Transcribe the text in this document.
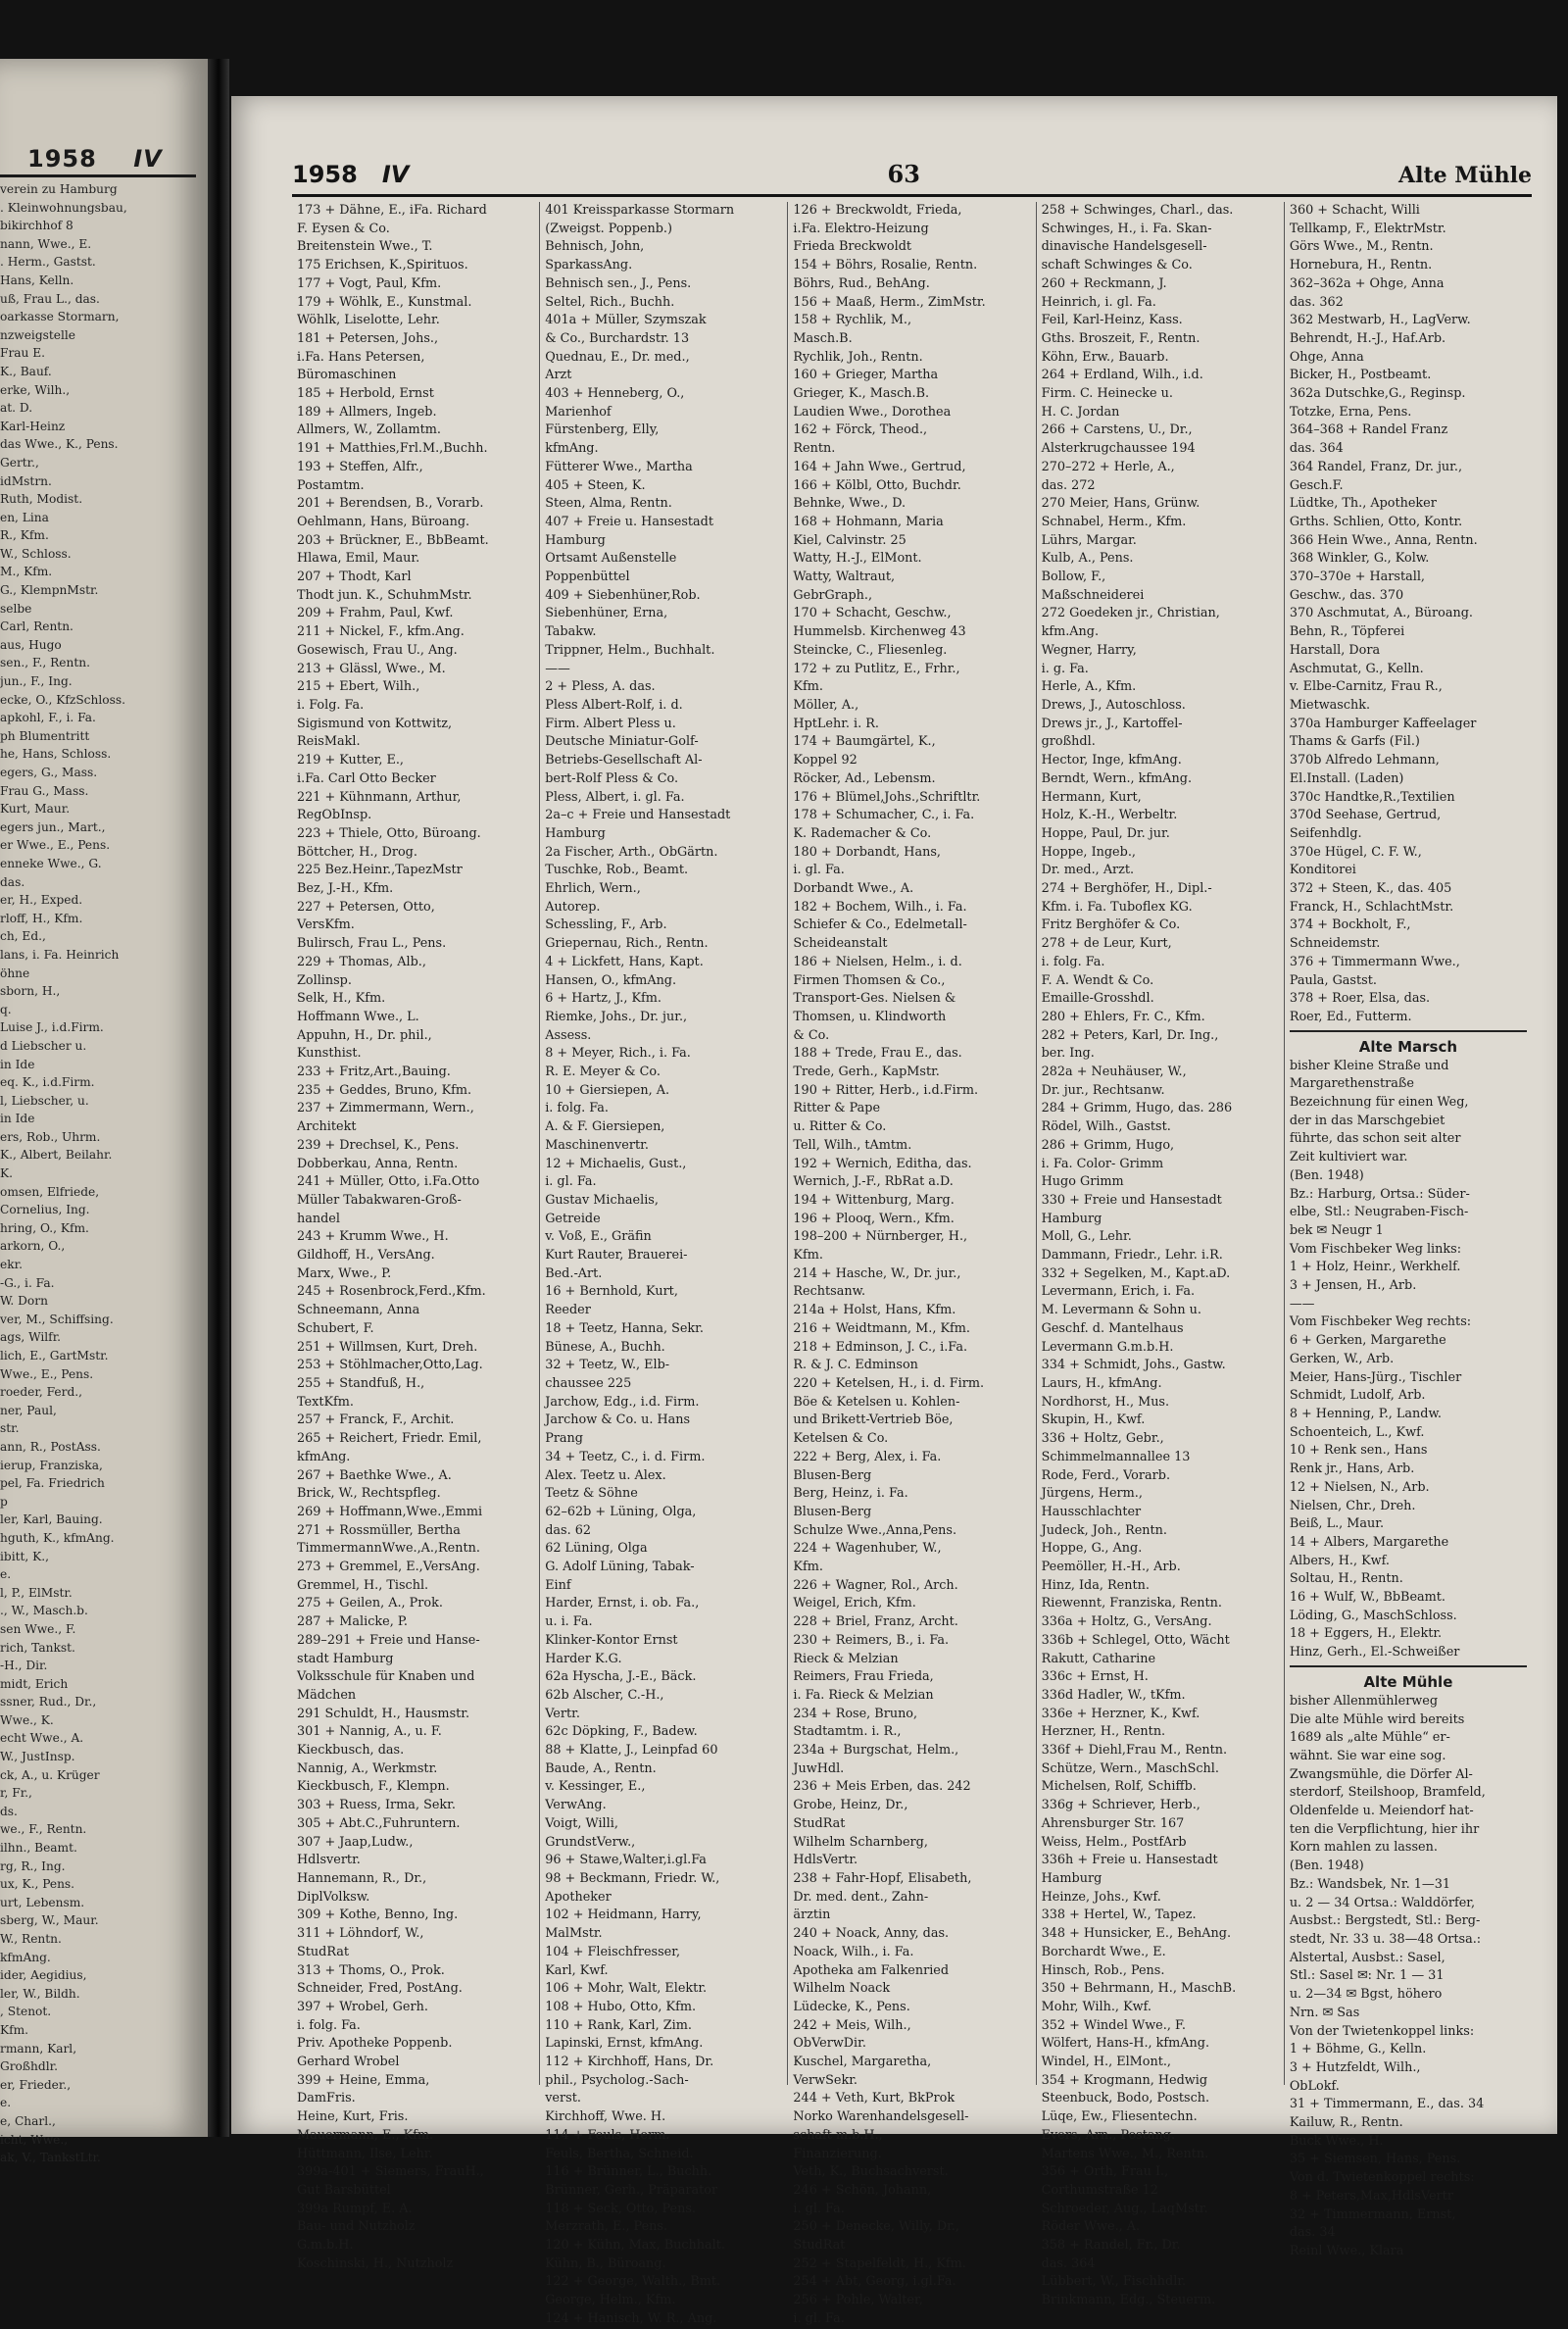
1958 IV
verein zu Hamburg
. Kleinwohnungsbau,
bikirchhof 8
nann, Wwe., E.
. Herm., Gastst.
Hans, Kelln.
uß, Frau L., das.
oarkasse Stormarn,
nzweigstelle
Frau E.
K., Bauf.
erke, Wilh.,
at. D.
Karl-Heinz
das Wwe., K., Pens.
Gertr.,
idMstrn.
Ruth, Modist.
en, Lina
R., Kfm.
W., Schloss.
M., Kfm.
G., KlempnMstr.
selbe
Carl, Rentn.
aus, Hugo
sen., F., Rentn.
jun., F., Ing.
ecke, O., KfzSchloss.
apkohl, F., i. Fa.
ph Blumentritt
he, Hans, Schloss.
egers, G., Mass.
Frau G., Mass.
Kurt, Maur.
egers jun., Mart.,
er Wwe., E., Pens.
enneke Wwe., G.
das.
er, H., Exped.
rloff, H., Kfm.
ch, Ed.,
lans, i. Fa. Heinrich
öhne
sborn, H.,
q.
Luise J., i.d.Firm.
d Liebscher u.
in Ide
eq. K., i.d.Firm.
l, Liebscher, u.
in Ide
ers, Rob., Uhrm.
K., Albert, Beilahr.
K.
omsen, Elfriede,
Cornelius, Ing.
hring, O., Kfm.
arkorn, O.,
ekr.
-G., i. Fa.
W. Dorn
ver, M., Schiffsing.
ags, Wilfr.
lich, E., GartMstr.
Wwe., E., Pens.
roeder, Ferd.,
ner, Paul,
str.
ann, R., PostAss.
ierup, Franziska,
pel, Fa. Friedrich
p
ler, Karl, Bauing.
hguth, K., kfmAng.
ibitt, K.,
e.
l, P., ElMstr.
., W., Masch.b.
sen Wwe., F.
rich, Tankst.
-H., Dir.
midt, Erich
ssner, Rud., Dr.,
Wwe., K.
echt Wwe., A.
W., JustInsp.
ck, A., u. Krüger
r, Fr.,
ds.
we., F., Rentn.
ilhn., Beamt.
rg, R., Ing.
ux, K., Pens.
urt, Lebensm.
sberg, W., Maur.
W., Rentn.
kfmAng.
ider, Aegidius,
ler, W., Bildh.
, Stenot.
Kfm.
rmann, Karl,
Großhdlr.
er, Frieder.,
e.
e, Charl.,
icht, Wwe.,
ak, V., TankstLtr.
1958 IV	63	Alte Mühle
173 + Dähne, E., iFa. Richard
F. Eysen & Co.
Breitenstein Wwe., T.
175 Erichsen, K.,Spirituos.
177 + Vogt, Paul, Kfm.
179 + Wöhlk, E., Kunstmal.
Wöhlk, Liselotte, Lehr.
181 + Petersen, Johs.,
i.Fa. Hans Petersen,
Büromaschinen
185 + Herbold, Ernst
189 + Allmers, Ingeb.
Allmers, W., Zollamtm.
191 + Matthies,Frl.M.,Buchh.
193 + Steffen, Alfr.,
Postamtm.
201 + Berendsen, B., Vorarb.
Oehlmann, Hans, Büroang.
203 + Brückner, E., BbBeamt.
Hlawa, Emil, Maur.
207 + Thodt, Karl
Thodt jun. K., SchuhmMstr.
209 + Frahm, Paul, Kwf.
211 + Nickel, F., kfm.Ang.
Gosewisch, Frau U., Ang.
213 + Glässl, Wwe., M.
215 + Ebert, Wilh.,
i. Folg. Fa.
Sigismund von Kottwitz,
ReisMakl.
219 + Kutter, E.,
i.Fa. Carl Otto Becker
221 + Kühnmann, Arthur,
RegObInsp.
223 + Thiele, Otto, Büroang.
Böttcher, H., Drog.
225 Bez.Heinr.,TapezMstr
Bez, J.-H., Kfm.
227 + Petersen, Otto,
VersKfm.
Bulirsch, Frau L., Pens.
229 + Thomas, Alb.,
Zollinsp.
Selk, H., Kfm.
Hoffmann Wwe., L.
Appuhn, H., Dr. phil.,
Kunsthist.
233 + Fritz,Art.,Bauing.
235 + Geddes, Bruno, Kfm.
237 + Zimmermann, Wern.,
Architekt
239 + Drechsel, K., Pens.
Dobberkau, Anna, Rentn.
241 + Müller, Otto, i.Fa.Otto
Müller Tabakwaren-Groß-
handel
243 + Krumm Wwe., H.
Gildhoff, H., VersAng.
Marx, Wwe., P.
245 + Rosenbrock,Ferd.,Kfm.
Schneemann, Anna
Schubert, F.
251 + Willmsen, Kurt, Dreh.
253 + Stöhlmacher,Otto,Lag.
255 + Standfuß, H.,
TextKfm.
257 + Franck, F., Archit.
265 + Reichert, Friedr. Emil,
kfmAng.
267 + Baethke Wwe., A.
Brick, W., Rechtspfleg.
269 + Hoffmann,Wwe.,Emmi
271 + Rossmüller, Bertha
TimmermannWwe.,A.,Rentn.
273 + Gremmel, E.,VersAng.
Gremmel, H., Tischl.
275 + Geilen, A., Prok.
287 + Malicke, P.
289–291 + Freie und Hanse-
stadt Hamburg
Volksschule für Knaben und
Mädchen
291 Schuldt, H., Hausmstr.
301 + Nannig, A., u. F.
Kieckbusch, das.
Nannig, A., Werkmstr.
Kieckbusch, F., Klempn.
303 + Ruess, Irma, Sekr.
305 + Abt.C.,Fuhruntern.
307 + Jaap,Ludw.,
Hdlsvertr.
Hannemann, R., Dr.,
DiplVolksw.
309 + Kothe, Benno, Ing.
311 + Löhndorf, W.,
StudRat
313 + Thoms, O., Prok.
Schneider, Fred, PostAng.
397 + Wrobel, Gerh.
i. folg. Fa.
Priv. Apotheke Poppenb.
Gerhard Wrobel
399 + Heine, Emma,
DamFris.
Heine, Kurt, Fris.
Mauermann, E., Kfm.
Hüttmann, Ilse, Lehr.
399a-401 + Siemers, FrauH.,
Gut Barsbüttel
399a Rumpf, E. A.
Bau- und Nutzholz
G.m.b.H.
Koschinski, H., Nutzholz
401 Kreissparkasse Stormarn
(Zweigst. Poppenb.)
Behnisch, John,
SparkassAng.
Behnisch sen., J., Pens.
Seltel, Rich., Buchh.
401a + Müller, Szymszak
& Co., Burchardstr. 13
Quednau, E., Dr. med.,
Arzt
403 + Henneberg, O.,
Marienhof
Fürstenberg, Elly,
kfmAng.
Fütterer Wwe., Martha
405 + Steen, K.
Steen, Alma, Rentn.
407 + Freie u. Hansestadt
Hamburg
Ortsamt Außenstelle
Poppenbüttel
409 + Siebenhüner,Rob.
Siebenhüner, Erna,
Tabakw.
Trippner, Helm., Buchhalt.
——
2 + Pless, A. das.
Pless Albert-Rolf, i. d.
Firm. Albert Pless u.
Deutsche Miniatur-Golf-
Betriebs-Gesellschaft Al-
bert-Rolf Pless & Co.
Pless, Albert, i. gl. Fa.
2a–c + Freie und Hansestadt
Hamburg
2a Fischer, Arth., ObGärtn.
Tuschke, Rob., Beamt.
Ehrlich, Wern.,
Autorep.
Schessling, F., Arb.
Griepernau, Rich., Rentn.
4 + Lickfett, Hans, Kapt.
Hansen, O., kfmAng.
6 + Hartz, J., Kfm.
Riemke, Johs., Dr. jur.,
Assess.
8 + Meyer, Rich., i. Fa.
R. E. Meyer & Co.
10 + Giersiepen, A.
i. folg. Fa.
A. & F. Giersiepen,
Maschinenvertr.
12 + Michaelis, Gust.,
i. gl. Fa.
Gustav Michaelis,
Getreide
v. Voß, E., Gräfin
Kurt Rauter, Brauerei-
Bed.-Art.
16 + Bernhold, Kurt,
Reeder
18 + Teetz, Hanna, Sekr.
Bünese, A., Buchh.
32 + Teetz, W., Elb-
chaussee 225
Jarchow, Edg., i.d. Firm.
Jarchow & Co. u. Hans
Prang
34 + Teetz, C., i. d. Firm.
Alex. Teetz u. Alex.
Teetz & Söhne
62–62b + Lüning, Olga,
das. 62
62 Lüning, Olga
G. Adolf Lüning, Tabak-
Einf
Harder, Ernst, i. ob. Fa.,
u. i. Fa.
Klinker-Kontor Ernst
Harder K.G.
62a Hyscha, J.-E., Bäck.
62b Alscher, C.-H.,
Vertr.
62c Döpking, F., Badew.
88 + Klatte, J., Leinpfad 60
Baude, A., Rentn.
v. Kessinger, E.,
VerwAng.
Voigt, Willi,
GrundstVerw.,
96 + Stawe,Walter,i.gl.Fa
98 + Beckmann, Friedr. W.,
Apotheker
102 + Heidmann, Harry,
MalMstr.
104 + Fleischfresser,
Karl, Kwf.
106 + Mohr, Walt, Elektr.
108 + Hubo, Otto, Kfm.
110 + Rank, Karl, Zim.
Lapinski, Ernst, kfmAng.
112 + Kirchhoff, Hans, Dr.
phil., Psycholog.-Sach-
verst.
Kirchhoff, Wwe. H.
114 + Feuls, Herm.
Feuls, Bertha, Schneid.
116 + Brünner, L., Buchh.
Brünner, Gerh., Präparator
118 + Seck, Otto, Pens.
Merzrath, E., Pens.
120 + Kühn, Max, Buchhalt.
Kühn, B., Büroang.
122 + George, Walth., Bmt.
George, Helm., Kfm.
124 + Hanisch, W. R., Ang.
126 + Breckwoldt, Frieda,
i.Fa. Elektro-Heizung
Frieda Breckwoldt
154 + Böhrs, Rosalie, Rentn.
Böhrs, Rud., BehAng.
156 + Maaß, Herm., ZimMstr.
158 + Rychlik, M.,
Masch.B.
Rychlik, Joh., Rentn.
160 + Grieger, Martha
Grieger, K., Masch.B.
Laudien Wwe., Dorothea
162 + Förck, Theod.,
Rentn.
164 + Jahn Wwe., Gertrud,
166 + Kölbl, Otto, Buchdr.
Behnke, Wwe., D.
168 + Hohmann, Maria
Kiel, Calvinstr. 25
Watty, H.-J., ElMont.
Watty, Waltraut,
GebrGraph.,
170 + Schacht, Geschw.,
Hummelsb. Kirchenweg 43
Steincke, C., Fliesenleg.
172 + zu Putlitz, E., Frhr.,
Kfm.
Möller, A.,
HptLehr. i. R.
174 + Baumgärtel, K.,
Koppel 92
Röcker, Ad., Lebensm.
176 + Blümel,Johs.,Schriftltr.
178 + Schumacher, C., i. Fa.
K. Rademacher & Co.
180 + Dorbandt, Hans,
i. gl. Fa.
Dorbandt Wwe., A.
182 + Bochem, Wilh., i. Fa.
Schiefer & Co., Edelmetall-
Scheideanstalt
186 + Nielsen, Helm., i. d.
Firmen Thomsen & Co.,
Transport-Ges. Nielsen &
Thomsen, u. Klindworth
& Co.
188 + Trede, Frau E., das.
Trede, Gerh., KapMstr.
190 + Ritter, Herb., i.d.Firm.
Ritter & Pape
u. Ritter & Co.
Tell, Wilh., tAmtm.
192 + Wernich, Editha, das.
Wernich, J.-F., RbRat a.D.
194 + Wittenburg, Marg.
196 + Plooq, Wern., Kfm.
198–200 + Nürnberger, H.,
Kfm.
214 + Hasche, W., Dr. jur.,
Rechtsanw.
214a + Holst, Hans, Kfm.
216 + Weidtmann, M., Kfm.
218 + Edminson, J. C., i.Fa.
R. & J. C. Edminson
220 + Ketelsen, H., i. d. Firm.
Böe & Ketelsen u. Kohlen-
und Brikett-Vertrieb Böe,
Ketelsen & Co.
222 + Berg, Alex, i. Fa.
Blusen-Berg
Berg, Heinz, i. Fa.
Blusen-Berg
Schulze Wwe.,Anna,Pens.
224 + Wagenhuber, W.,
Kfm.
226 + Wagner, Rol., Arch.
Weigel, Erich, Kfm.
228 + Briel, Franz, Archt.
230 + Reimers, B., i. Fa.
Rieck & Melzian
Reimers, Frau Frieda,
i. Fa. Rieck & Melzian
234 + Rose, Bruno,
Stadtamtm. i. R.,
234a + Burgschat, Helm.,
JuwHdl.
236 + Meis Erben, das. 242
Grobe, Heinz, Dr.,
StudRat
Wilhelm Scharnberg,
HdlsVertr.
238 + Fahr-Hopf, Elisabeth,
Dr. med. dent., Zahn-
ärztin
240 + Noack, Anny, das.
Noack, Wilh., i. Fa.
Apotheka am Falkenried
Wilhelm Noack
Lüdecke, K., Pens.
242 + Meis, Wilh.,
ObVerwDir.
Kuschel, Margaretha,
VerwSekr.
244 + Veth, Kurt, BkProk
Norko Warenhandelsgesell-
schaft m.b.H.,
Finanzierung.
Veth, K., Buchsachverst.
246 + Schön, Johann,
i. gl. Fa.
250 + Denecke, Willy, Dr.,
StudRat
252 + Stapelfeldt, H., Kfm.
254 + Abt, Georg, i.gl.Fa.
256 + Pohle, Walter,
i. gl. Fa.
258 + Schwinges, Charl., das.
Schwinges, H., i. Fa. Skan-
dinavische Handelsgesell-
schaft Schwinges & Co.
260 + Reckmann, J.
Heinrich, i. gl. Fa.
Feil, Karl-Heinz, Kass.
Gths. Broszeit, F., Rentn.
Köhn, Erw., Bauarb.
264 + Erdland, Wilh., i.d.
Firm. C. Heinecke u.
H. C. Jordan
266 + Carstens, U., Dr.,
Alsterkrugchaussee 194
270–272 + Herle, A.,
das. 272
270 Meier, Hans, Grünw.
Schnabel, Herm., Kfm.
Lührs, Margar.
Kulb, A., Pens.
Bollow, F.,
Maßschneiderei
272 Goedeken jr., Christian,
kfm.Ang.
Wegner, Harry,
i. g. Fa.
Herle, A., Kfm.
Drews, J., Autoschloss.
Drews jr., J., Kartoffel-
großhdl.
Hector, Inge, kfmAng.
Berndt, Wern., kfmAng.
Hermann, Kurt,
Holz, K.-H., Werbeltr.
Hoppe, Paul, Dr. jur.
Hoppe, Ingeb.,
Dr. med., Arzt.
274 + Berghöfer, H., Dipl.-
Kfm. i. Fa. Tuboflex KG.
Fritz Berghöfer & Co.
278 + de Leur, Kurt,
i. folg. Fa.
F. A. Wendt & Co.
Emaille-Grosshdl.
280 + Ehlers, Fr. C., Kfm.
282 + Peters, Karl, Dr. Ing.,
ber. Ing.
282a + Neuhäuser, W.,
Dr. jur., Rechtsanw.
284 + Grimm, Hugo, das. 286
Rödel, Wilh., Gastst.
286 + Grimm, Hugo,
i. Fa. Color- Grimm
Hugo Grimm
330 + Freie und Hansestadt
Hamburg
Moll, G., Lehr.
Dammann, Friedr., Lehr. i.R.
332 + Segelken, M., Kapt.aD.
Levermann, Erich, i. Fa.
M. Levermann & Sohn u.
Geschf. d. Mantelhaus
Levermann G.m.b.H.
334 + Schmidt, Johs., Gastw.
Laurs, H., kfmAng.
Nordhorst, H., Mus.
Skupin, H., Kwf.
336 + Holtz, Gebr.,
Schimmelmannallee 13
Rode, Ferd., Vorarb.
Jürgens, Herm.,
Hausschlachter
Judeck, Joh., Rentn.
Hoppe, G., Ang.
Peemöller, H.-H., Arb.
Hinz, Ida, Rentn.
Riewennt, Franziska, Rentn.
336a + Holtz, G., VersAng.
336b + Schlegel, Otto, Wächt
Rakutt, Catharine
336c + Ernst, H.
336d Hadler, W., tKfm.
336e + Herzner, K., Kwf.
Herzner, H., Rentn.
336f + Diehl,Frau M., Rentn.
Schütze, Wern., MaschSchl.
Michelsen, Rolf, Schiffb.
336g + Schriever, Herb.,
Ahrensburger Str. 167
Weiss, Helm., PostfArb
336h + Freie u. Hansestadt
Hamburg
Heinze, Johs., Kwf.
338 + Hertel, W., Tapez.
348 + Hunsicker, E., BehAng.
Borchardt Wwe., E.
Hinsch, Rob., Pens.
350 + Behrmann, H., MaschB.
Mohr, Wilh., Kwf.
352 + Windel Wwe., F.
Wölfert, Hans-H., kfmAng.
Windel, H., ElMont.,
354 + Krogmann, Hedwig
Steenbuck, Bodo, Postsch.
Lüqe, Ew., Fliesentechn.
Evers, Arn., Postang.
Martens Wwe., M., Rentn.
356 + Orth, Frau I.,
Corthumstraße 12
Schroeder, Aug., LaqMstr.
Röder Wwe., A.
358 + Randel, Fr., Dr.
das. 364
Lübbert, W., Fischhdlr.
Brinkmann, Edg., Steuerm.
360 + Schacht, Willi
Tellkamp, F., ElektrMstr.
Görs Wwe., M., Rentn.
Hornebura, H., Rentn.
362–362a + Ohge, Anna
das. 362
362 Mestwarb, H., LagVerw.
Behrendt, H.-J., Haf.Arb.
Ohge, Anna
Bicker, H., Postbeamt.
362a Dutschke,G., Reginsp.
Totzke, Erna, Pens.
364–368 + Randel Franz
das. 364
364 Randel, Franz, Dr. jur.,
Gesch.F.
Lüdtke, Th., Apotheker
Grths. Schlien, Otto, Kontr.
366 Hein Wwe., Anna, Rentn.
368 Winkler, G., Kolw.
370–370e + Harstall,
Geschw., das. 370
370 Aschmutat, A., Büroang.
Behn, R., Töpferei
Harstall, Dora
Aschmutat, G., Kelln.
v. Elbe-Carnitz, Frau R.,
Mietwaschk.
370a Hamburger Kaffeelager
Thams & Garfs (Fil.)
370b Alfredo Lehmann,
El.Install. (Laden)
370c Handtke,R.,Textilien
370d Seehase, Gertrud,
Seifenhdlg.
370e Hügel, C. F. W.,
Konditorei
372 + Steen, K., das. 405
Franck, H., SchlachtMstr.
374 + Bockholt, F.,
Schneidemstr.
376 + Timmermann Wwe.,
Paula, Gastst.
378 + Roer, Elsa, das.
Roer, Ed., Futterm.
Alte Marsch
bisher Kleine Straße und
Margarethenstraße
Bezeichnung für einen Weg,
der in das Marschgebiet
führte, das schon seit alter
Zeit kultiviert war.
(Ben. 1948)
Bz.: Harburg, Ortsa.: Süder-
elbe, Stl.: Neugraben-Fisch-
bek ✉ Neugr 1
Vom Fischbeker Weg links:
1 + Holz, Heinr., Werkhelf.
3 + Jensen, H., Arb.
——
Vom Fischbeker Weg rechts:
6 + Gerken, Margarethe
Gerken, W., Arb.
Meier, Hans-Jürg., Tischler
Schmidt, Ludolf, Arb.
8 + Henning, P., Landw.
Schoenteich, L., Kwf.
10 + Renk sen., Hans
Renk jr., Hans, Arb.
12 + Nielsen, N., Arb.
Nielsen, Chr., Dreh.
Beiß, L., Maur.
14 + Albers, Margarethe
Albers, H., Kwf.
Soltau, H., Rentn.
16 + Wulf, W., BbBeamt.
Löding, G., MaschSchloss.
18 + Eggers, H., Elektr.
Hinz, Gerh., El.-Schweißer
Alte Mühle
bisher Allenmühlerweg
Die alte Mühle wird bereits
1689 als „alte Mühle“ er-
wähnt. Sie war eine sog.
Zwangsmühle, die Dörfer Al-
sterdorf, Steilshoop, Bramfeld,
Oldenfelde u. Meiendorf hat-
ten die Verpflichtung, hier ihr
Korn mahlen zu lassen.
(Ben. 1948)
Bz.: Wandsbek, Nr. 1—31
u. 2 — 34 Ortsa.: Walddörfer,
Ausbst.: Bergstedt, Stl.: Berg-
stedt, Nr. 33 u. 38—48 Ortsa.:
Alstertal, Ausbst.: Sasel,
Stl.: Sasel ✉: Nr. 1 — 31
u. 2—34 ✉ Bgst, höhero
Nrn. ✉ Sas
Von der Twietenkoppel links:
1 + Böhme, G., Kelln.
3 + Hutzfeldt, Wilh.,
ObLokf.
31 + Timmermann, E., das. 34
Kailuw, R., Rentn.
Buck Wwe., H.
35 + Siemsen, Hans, Pens.
Von d. Twietenkoppel rechts:
8 + Peters,Max,HdlsVertr
32 + Timmermann, Ernst,
das. 34
Reinl Wwe., Klara
